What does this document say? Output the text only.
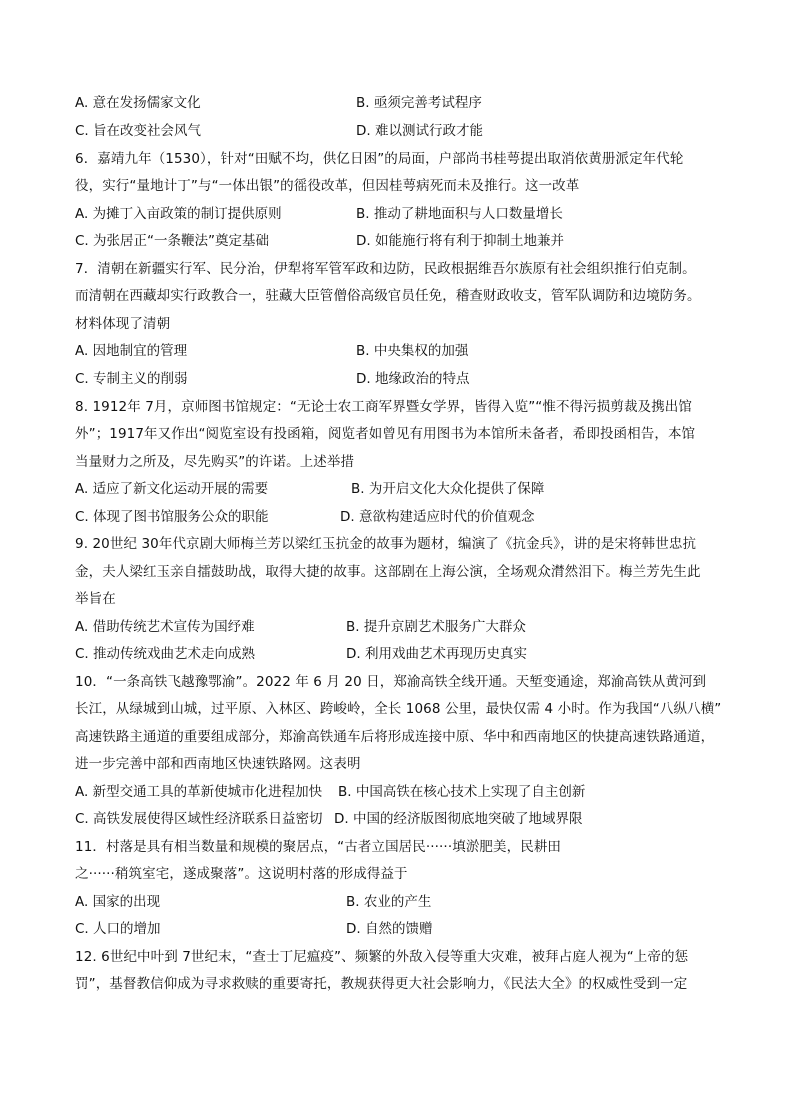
A. 意在发扬儒家文化	B. 亟须完善考试程序
C. 旨在改变社会风气	D. 难以测试行政才能
6．嘉靖九年（1530），针对“田赋不均，供亿日困”的局面，户部尚书桂萼提出取消依黄册派定年代轮
役，实行“量地计丁”与“一体出银”的徭役改革，但因桂萼病死而未及推行。这一改革
A. 为摊丁入亩政策的制订提供原则	B. 推动了耕地面积与人口数量增长
C. 为张居正“一条鞭法”奠定基础	D. 如能施行将有利于抑制土地兼并
7．清朝在新疆实行军、民分治，伊犁将军管军政和边防，民政根据维吾尔族原有社会组织推行伯克制。
而清朝在西藏却实行政教合一，驻藏大臣管僧俗高级官员任免，稽查财政收支，管军队调防和边境防务。
材料体现了清朝
A. 因地制宜的管理	B. 中央集权的加强
C. 专制主义的削弱	D. 地缘政治的特点
8. 1912年 7月，京师图书馆规定：“无论士农工商军界暨女学界，皆得入览”“惟不得污损剪裁及携出馆
外”；1917年又作出“阅览室设有投函箱，阅览者如曾见有用图书为本馆所未备者，希即投函相告，本馆
当量财力之所及，尽先购买”的许诺。上述举措
A. 适应了新文化运动开展的需要	B. 为开启文化大众化提供了保障
C. 体现了图书馆服务公众的职能	D. 意欲构建适应时代的价值观念
9. 20世纪 30年代京剧大师梅兰芳以梁红玉抗金的故事为题材，编演了《抗金兵》，讲的是宋将韩世忠抗
金，夫人梁红玉亲自擂鼓助战，取得大捷的故事。这部剧在上海公演，全场观众潸然泪下。梅兰芳先生此
举旨在
A. 借助传统艺术宣传为国纾难	B. 提升京剧艺术服务广大群众
C. 推动传统戏曲艺术走向成熟	D. 利用戏曲艺术再现历史真实
10．“一条高铁飞越豫鄂渝”。2022 年 6 月 20 日，郑渝高铁全线开通。天堑变通途，郑渝高铁从黄河到
长江，从绿城到山城，过平原、入林区、跨峻岭，全长 1068 公里，最快仅需 4 小时。作为我国“八纵八横”
高速铁路主通道的重要组成部分，郑渝高铁通车后将形成连接中原、华中和西南地区的快捷高速铁路通道，
进一步完善中部和西南地区快速铁路网。这表明
A. 新型交通工具的革新使城市化进程加快 B. 中国高铁在核心技术上实现了自主创新
C. 高铁发展使得区域性经济联系日益密切 D. 中国的经济版图彻底地突破了地域界限
11．村落是具有相当数量和规模的聚居点，“古者立国居民······填淤肥美，民耕田
之······稍筑室宅，遂成聚落”。这说明村落的形成得益于
A. 国家的出现	B. 农业的产生
C. 人口的增加	D. 自然的馈赠
12. 6世纪中叶到 7世纪末，“查士丁尼瘟疫”、频繁的外敌入侵等重大灾难，被拜占庭人视为“上帝的惩
罚”，基督教信仰成为寻求救赎的重要寄托，教规获得更大社会影响力，《民法大全》的权威性受到一定
